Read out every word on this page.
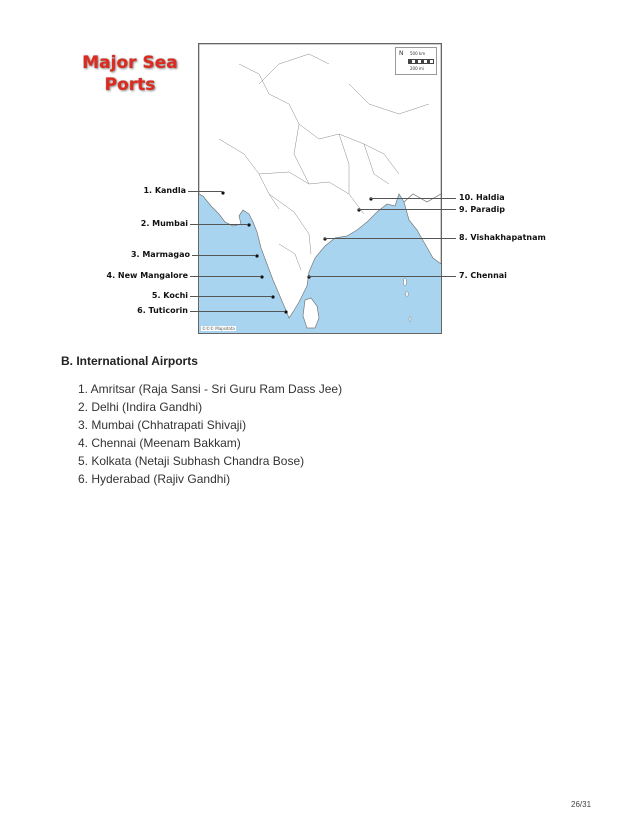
Major Sea
Ports
N 500 km
200 mi
©©© Mapsdata
1. Kandla
2. Mumbai
3. Marmagao
4. New Mangalore
5. Kochi
6. Tuticorin
10. Haldia
9. Paradip
8. Vishakhapatnam
7. Chennai
B. International Airports
1. Amritsar (Raja Sansi - Sri Guru Ram Dass Jee)
2. Delhi (Indira Gandhi)
3. Mumbai (Chhatrapati Shivaji)
4. Chennai (Meenam Bakkam)
5. Kolkata (Netaji Subhash Chandra Bose)
6. Hyderabad (Rajiv Gandhi)
26/31
